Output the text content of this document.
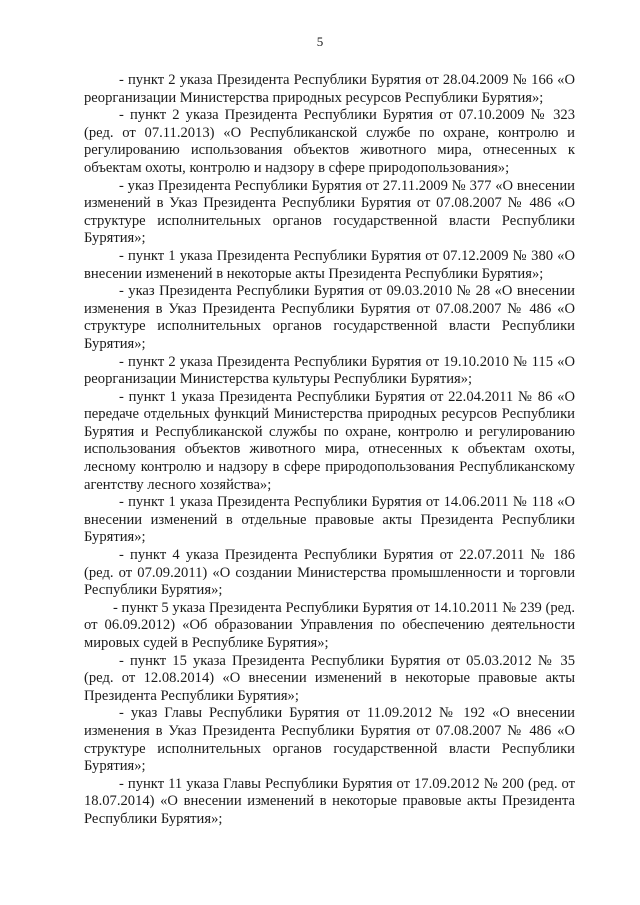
5

- пункт 2 указа Президента Республики Бурятия от 28.04.2009 № 166 «О реорганизации Министерства природных ресурсов Республики Бурятия»;

- пункт 2 указа Президента Республики Бурятия от 07.10.2009 № 323 (ред. от 07.11.2013) «О Республиканской службе по охране, контролю и регулированию использования объектов животного мира, отнесенных к объектам охоты, контролю и надзору в сфере природопользования»;

- указ Президента Республики Бурятия от 27.11.2009 № 377 «О внесении изменений в Указ Президента Республики Бурятия от 07.08.2007 № 486 «О структуре исполнительных органов государственной власти Республики Бурятия»;

- пункт 1 указа Президента Республики Бурятия от 07.12.2009 № 380 «О внесении изменений в некоторые акты Президента Республики Бурятия»;

- указ Президента Республики Бурятия от 09.03.2010 № 28 «О внесении изменения в Указ Президента Республики Бурятия от 07.08.2007 № 486 «О структуре исполнительных органов государственной власти Республики Бурятия»;

- пункт 2 указа Президента Республики Бурятия от 19.10.2010 № 115 «О реорганизации Министерства культуры Республики Бурятия»;

- пункт 1 указа Президента Республики Бурятия от 22.04.2011 № 86 «О передаче отдельных функций Министерства природных ресурсов Республики Бурятия и Республиканской службы по охране, контролю и регулированию использования объектов животного мира, отнесенных к объектам охоты, лесному контролю и надзору в сфере природопользования Республиканскому агентству лесного хозяйства»;

- пункт 1 указа Президента Республики Бурятия от 14.06.2011 № 118 «О внесении изменений в отдельные правовые акты Президента Республики Бурятия»;

- пункт 4 указа Президента Республики Бурятия от 22.07.2011 № 186 (ред. от 07.09.2011) «О создании Министерства промышленности и торговли Республики Бурятия»;

- пункт 5 указа Президента Республики Бурятия от 14.10.2011 № 239 (ред. от 06.09.2012) «Об образовании Управления по обеспечению деятельности мировых судей в Республике Бурятия»;

- пункт 15 указа Президента Республики Бурятия от 05.03.2012 № 35 (ред. от 12.08.2014) «О внесении изменений в некоторые правовые акты Президента Республики Бурятия»;

- указ Главы Республики Бурятия от 11.09.2012 № 192 «О внесении изменения в Указ Президента Республики Бурятия от 07.08.2007 № 486 «О структуре исполнительных органов государственной власти Республики Бурятия»;

- пункт 11 указа Главы Республики Бурятия от 17.09.2012 № 200 (ред. от 18.07.2014) «О внесении изменений в некоторые правовые акты Президента Республики Бурятия»;
